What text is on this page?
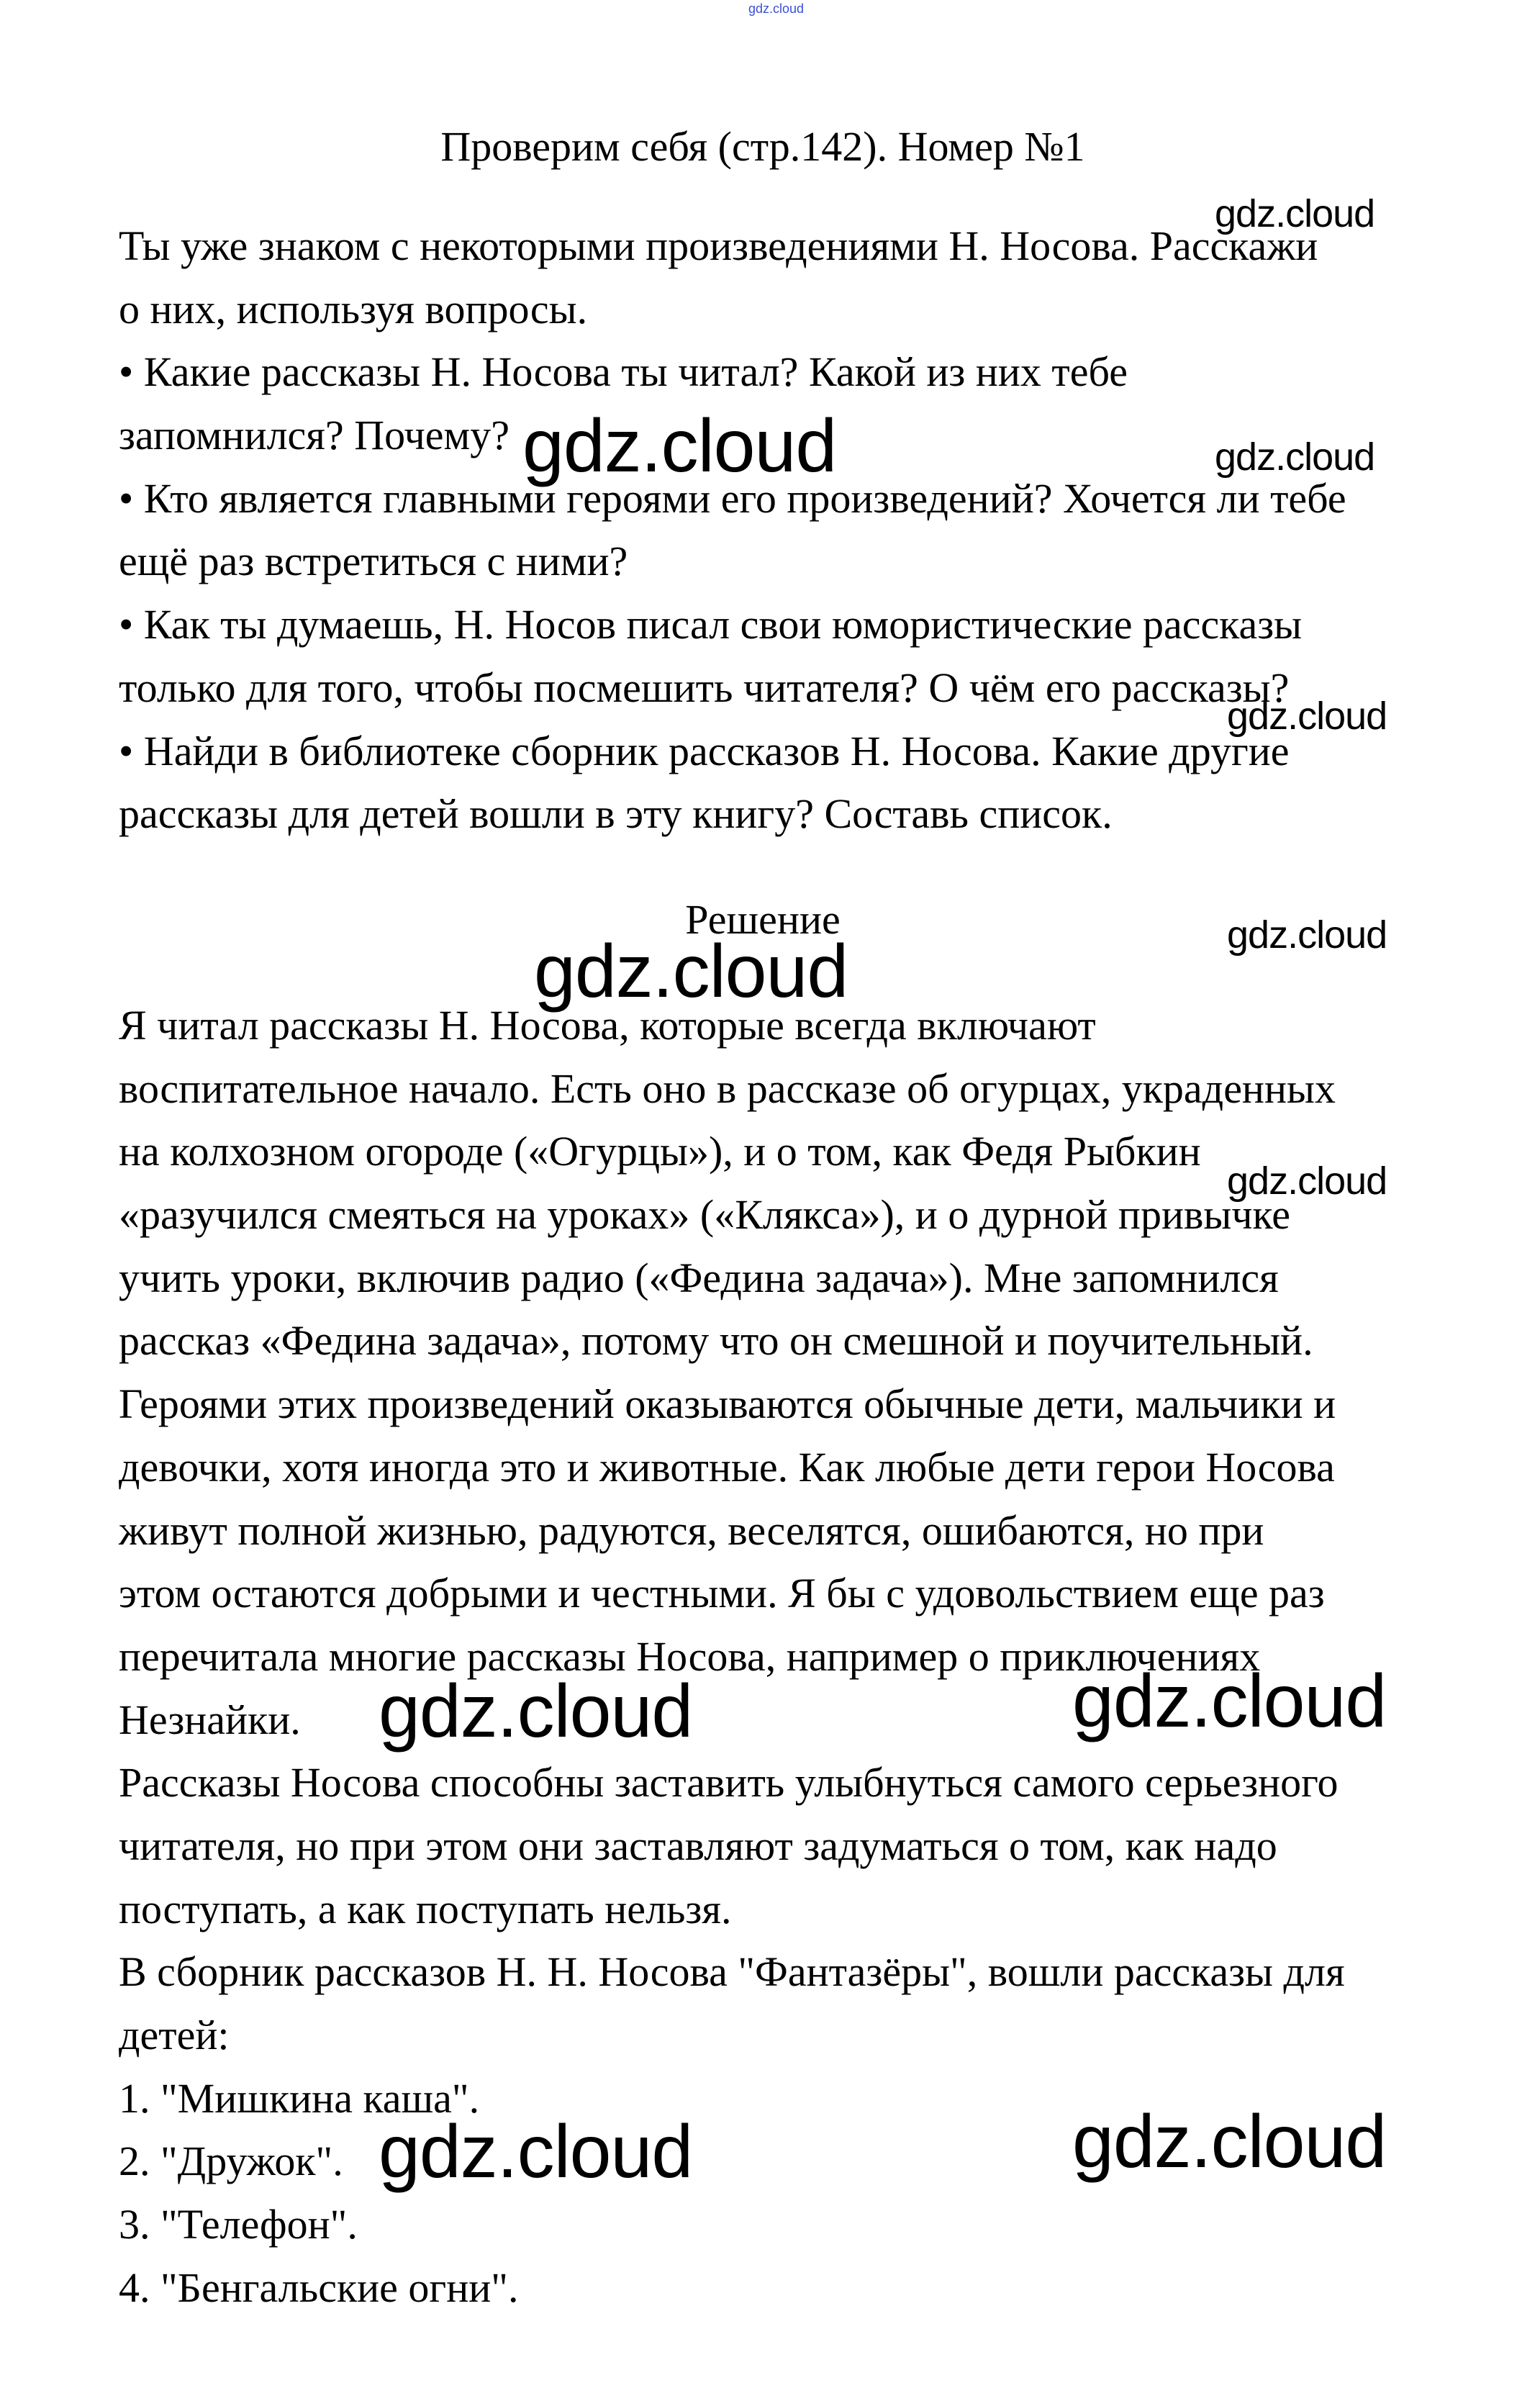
gdz.cloud
Проверим себя (стр.142). Номер №1
Ты уже знаком с некоторыми произведениями Н. Носова. Расскажи
о них, используя вопросы.
• Какие рассказы Н. Носова ты читал? Какой из них тебе
запомнился? Почему?
• Кто является главными героями его произведений? Хочется ли тебе
ещё раз встретиться с ними?
• Как ты думаешь, Н. Носов писал свои юмористические рассказы
только для того, чтобы посмешить читателя? О чём его рассказы?
• Найди в библиотеке сборник рассказов Н. Носова. Какие другие
рассказы для детей вошли в эту книгу? Составь список.
Решение
Я читал рассказы Н. Носова, которые всегда включают
воспитательное начало. Есть оно в рассказе об огурцах, украденных
на колхозном огороде («Огурцы»), и о том, как Федя Рыбкин
«разучился смеяться на уроках» («Клякса»), и о дурной привычке
учить уроки, включив радио («Федина задача»). Мне запомнился
рассказ «Федина задача», потому что он смешной и поучительный.
Героями этих произведений оказываются обычные дети, мальчики и
девочки, хотя иногда это и животные. Как любые дети герои Носова
живут полной жизнью, радуются, веселятся, ошибаются, но при
этом остаются добрыми и честными. Я бы с удовольствием еще раз
перечитала многие рассказы Носова, например о приключениях
Незнайки.
Рассказы Носова способны заставить улыбнуться самого серьезного
читателя, но при этом они заставляют задуматься о том, как надо
поступать, а как поступать нельзя.
В сборник рассказов Н. Н. Носова "Фантазёры", вошли рассказы для
детей:
1. "Мишкина каша".
2. "Дружок".
3. "Телефон".
4. "Бенгальские огни".
gdz.cloud
gdz.cloud
gdz.cloud
gdz.cloud
gdz.cloud
gdz.cloud
gdz.cloud
gdz.cloud	gdz.cloud
gdz.cloud	gdz.cloud
